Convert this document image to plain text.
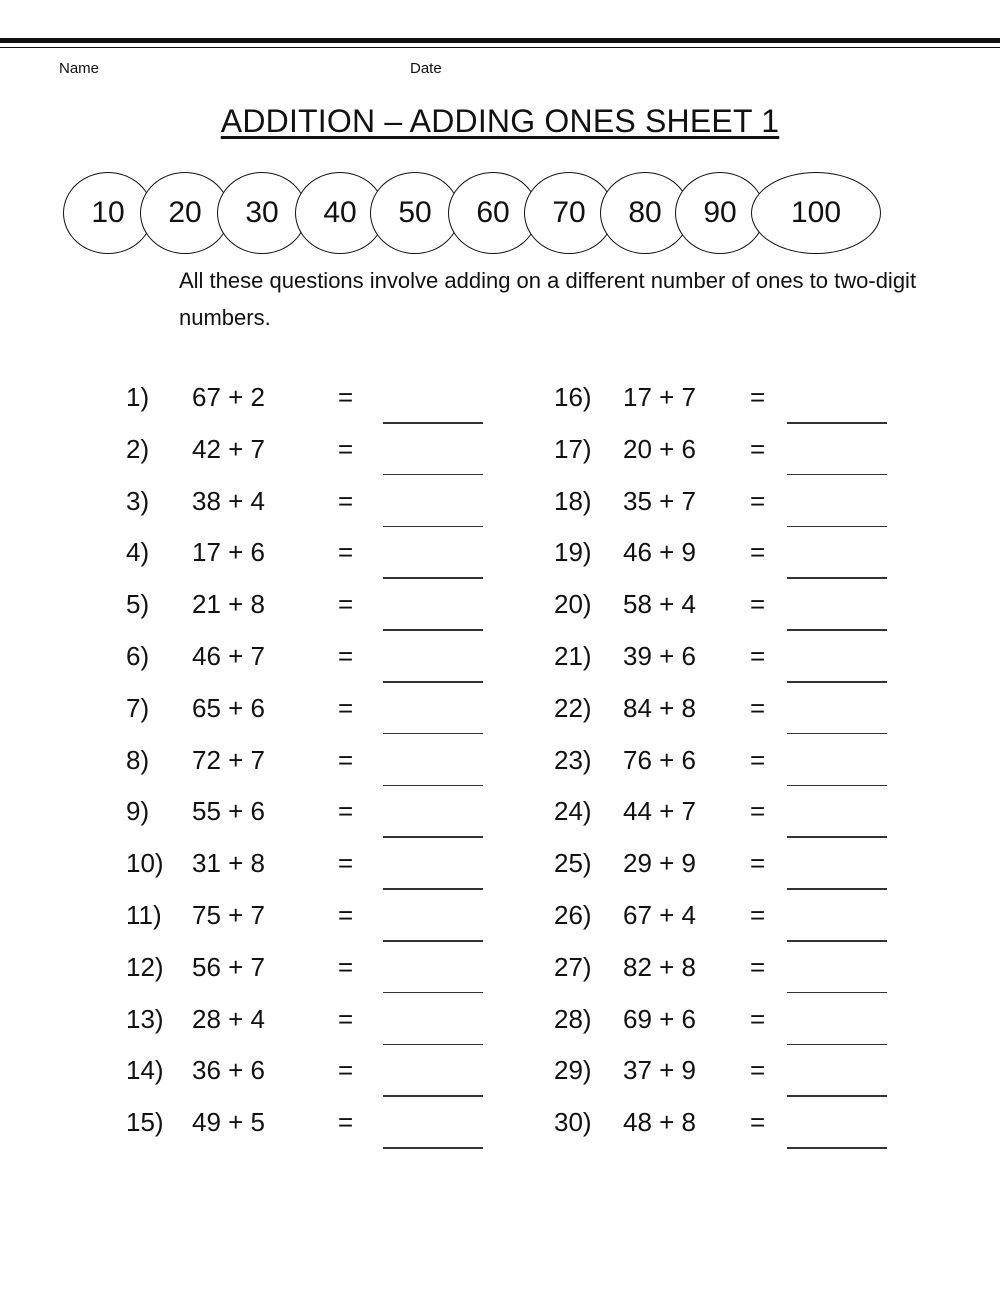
Name	Date
ADDITION – ADDING ONES SHEET 1
10	20	30	40	50	60	70	80	90	100
All these questions involve adding on a different number of ones to two-digit numbers.
1) 67 + 2	=
2) 42 + 7	=
3) 38 + 4	=
4) 17 + 6	=
5) 21 + 8	=
6) 46 + 7	=
7) 65 + 6	=
8) 72 + 7	=
9) 55 + 6	=
10) 31 + 8	=
11) 75 + 7	=
12) 56 + 7	=
13) 28 + 4	=
14) 36 + 6	=
15) 49 + 5	=
16) 17 + 7 =
17) 20 + 6 =
18) 35 + 7 =
19) 46 + 9 =
20) 58 + 4 =
21) 39 + 6 =
22) 84 + 8 =
23) 76 + 6 =
24) 44 + 7 =
25) 29 + 9 =
26) 67 + 4 =
27) 82 + 8 =
28) 69 + 6 =
29) 37 + 9 =
30) 48 + 8 =
